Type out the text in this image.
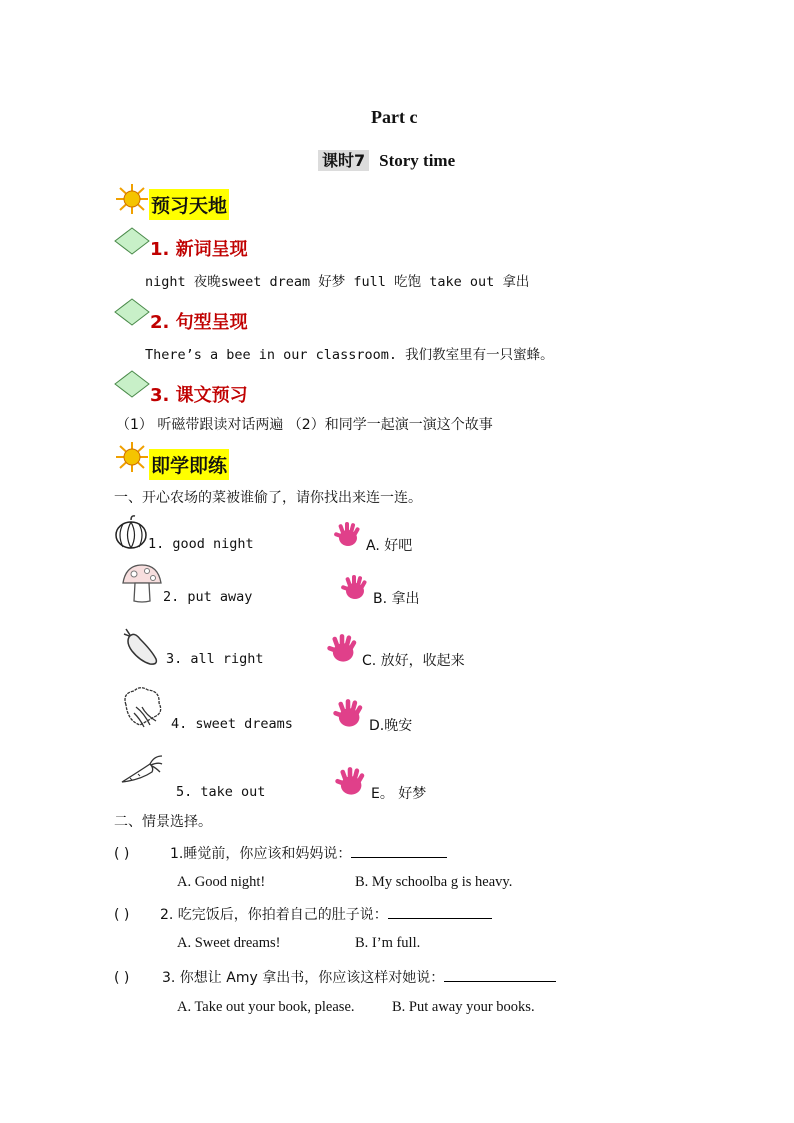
Part c
课时7 Story time
预习天地
1. 新词呈现
night 夜晚sweet dream 好梦 full 吃饱 take out 拿出
2. 句型呈现
There’s a bee in our classroom. 我们教室里有一只蜜蜂。
3. 课文预习
（1） 听磁带跟读对话两遍 （2）和同学一起演一演这个故事
即学即练
一、开心农场的菜被谁偷了，请你找出来连一连。
1. good night	A. 好吧
2. put away	B. 拿出
3. all right	C. 放好，收起来
4. sweet dreams	D.晚安
5. take out	E。 好梦
二、情景选择。
( )	1.睡觉前，你应该和妈妈说：
A. Good night!	B. My schoolba g is heavy.
( ) 2. 吃完饭后，你拍着自己的肚子说：
A. Sweet dreams!	B. I’m full.
( ) 3. 你想让 Amy 拿出书，你应该这样对她说：
A. Take out your book, please.	B. Put away your books.
